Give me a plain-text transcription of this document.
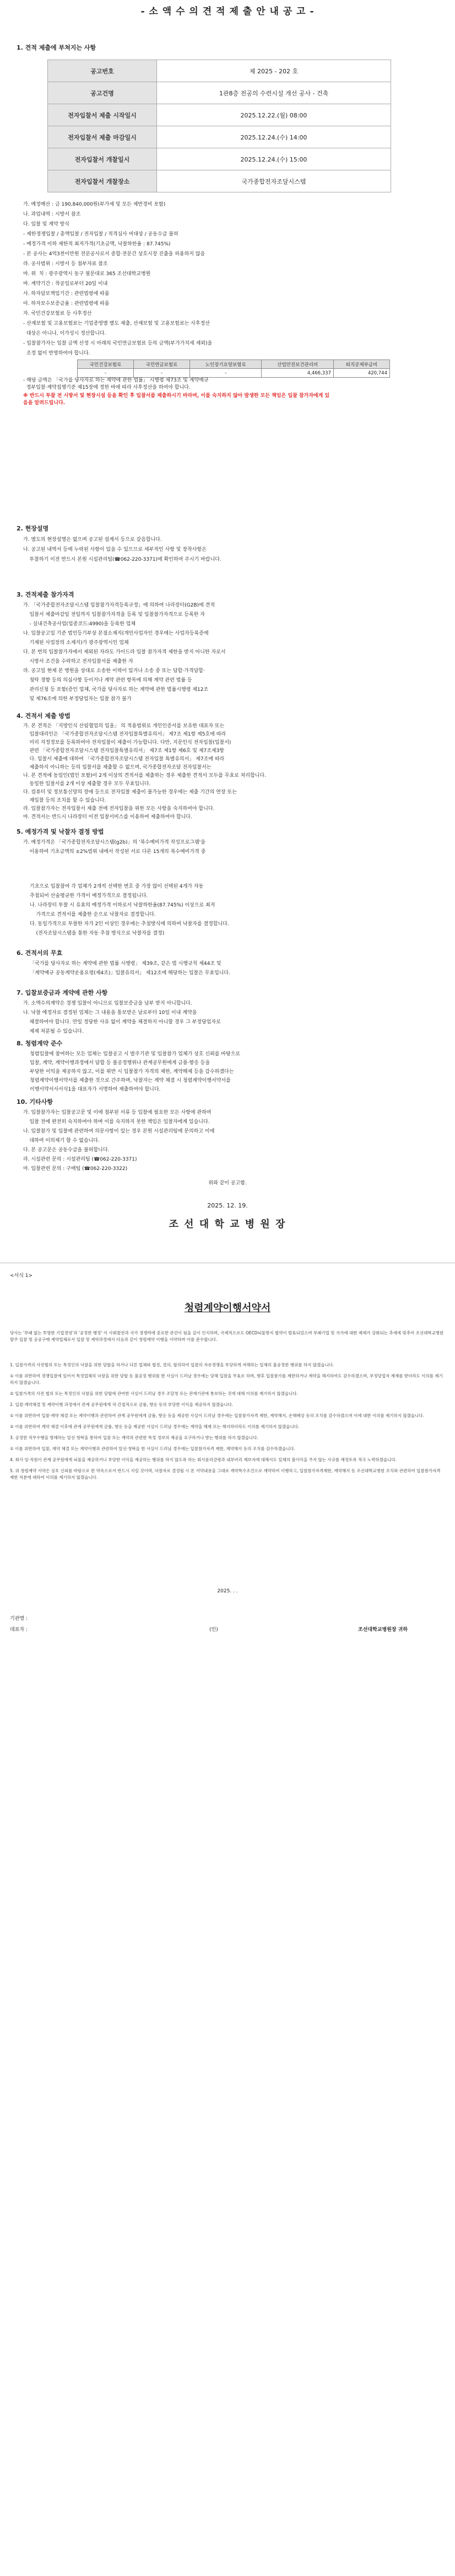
- 소 액 수 의 견 적 제 출 안 내 공 고 -
1. 견적 제출에 부쳐지는 사항
공고번호	제 2025 - 202 호
공고건명	1관8층 전공의 수련시설 개선 공사 - 건축
전자입찰서 제출 시작일시	2025.12.22.(월) 08:00
전자입찰서 제출 마감일시	2025.12.24.(수) 14:00
전자입찰서 개찰일시	2025.12.24.(수) 15:00
전자입찰서 개찰장소	국가종합전자조달시스템
가. 예정예산 : 금 190,840,000원(부가세 및 모든 제반경비 포함)
나. 과업내역 : 시방서 참조
다. 입찰 및 계약 방식
- 제한경쟁입찰 / 총액입찰 / 전자입찰 / 적격심사 비대상 / 공동수급 불허
- 예정가격 이하 제한적 최저가격(기초금액, 낙찰하한율 : 87.745%)
- 본 공사는 4억3천이만원 전문공사로서 종합·전문간 상호시장 진출을 허용하지 않음
라. 공사범위 : 시방서 등 첨부자료 참조
마. 위  치 : 광주광역시 동구 필문대로 365 조선대학교병원
바. 계약기간 : 착공일로부터 20일 이내
사. 하자담보책임기간 : 관련법령에 따름
아. 하자보수보증금율 : 관련법령에 따름
자. 국민건강보험료 등 사후정산
- 산재보험 및 고용보험료는 기업종영별 별도 제출, 산재보험 및 고용보험료는 사후정산
대상은 아니나, 이가성시 정산합니다.
- 입찰참가자는 입찰 금액 산정 시 아래의 국민연금보험료 등의 금액(부가가치세 제외)을
조정 없이 반영하여야 합니다.
국민건강보험료	국민연금보험료	노인장기요양보험료	산업안전보건관리비	퇴직공제부금비
-	-	-	4,466,337	420,744
- 해당 금액은 「국가를 당사자로 하는 계약에 관한 법률」 시행령 제73조 및 계약예규
정부입찰·계약집행기준 제15장에 정한 바에 따라 사후정산을 하여야 합니다.
※ 반드시 투찰 전 시방서 및 현장시설 등을 확인 후 입찰서를 제출하시기 바라며, 이를 숙지하지 않아 발생한 모든 책임은 입찰 참가자에게 있음을 알려드립니다.
2. 현장설명
가. 별도의 현장설명은 없으며 공고된 설계서 등으로 갈음합니다.
나. 공고된 내역서 등에 누락된 사항이 있을 수 있으므로 세부적인 사항 및 장착사항은
투찰하기 이전 반드시 본원 시설관리팀(☎062-220-3371)에 확인하여 주시기 바랍니다.
3. 견적제출 참가자격
가. 「국가종합전자조달시스템 입찰참가자격등록규정」에 의하여 나라장터(G2B)에 견적
입찰서 제출마감일 전일까지 입찰참가자격을 등록 및 입찰참가자격으로 등록한 자
- 실내건축공사업(업종코드:4990)을 등록한 업체
나. 입찰공고일 기준 법인등기부상 본점소재지(개인사업자인 경우에는 사업자등록증에
기재된 사업장의 소재지)가 광주광역시인 업체
다. 본 번의 입찰참가자에서 제외된 자라도 가이드라 입찰 참가자격 제한을 받지 아니한 자로서
시방서 조건을 수락하고 전자입찰서를 제출한 자
라. 공고일 현재 본 병원을 상대로 소송한 이력이 있거나 소송 중 또는 담합·가격담합·
청탁 경향 등의 의심사항 등이거나 계약 관련 항목에 의해 계약 관련 법률 등
관리신청 등 포함(증인 업체, 국가를 당사자로 하는 계약에 관한 법률시행령 제12조
및 제76조에 의한 부정당업자는 입찰 참가 불가
4. 견적서 제출 방법
가. 본 견적은 「지방인식 산림협업의 입을」 의 적용범위로 개인인증서를 보유한 대표자 또는
입찰대리인은 「국가종합전자조달시스템 전자입찰특별유의서」 제7조 제1항 제5호에 따라
미리 지정정보를 등록하여야 전자입찰이 제출이 가능합니다. 다만, 지문인식 전자입찰(입찰서)
관련 「국가종합전자조달시스템 전자입찰특별유의서」 제7조 제1항 제6호 및 제7조제3항
다. 입찰서 제출에 대하여 「국가종합전자조달시스템 전자입찰 특별유의서」 제7조에 따라
제출하지 아니하는 등의 입찰서를 제출할 수 없으며, 국가종합전자조달 전자입찰서는
나. 본 견적에 동일인(법인 포함)이 2개 이상의 견적서를 제출하는 경우 제출한 견적서 모두를 무효로 처리합니다.
동일한 입찰서를 2개 이상 제출할 경우 모두 무효입니다.
다. 컴퓨터 및 정보통신망의 장애 등으로 전자입찰 제출이 불가능한 경우에는 제출 기간의 연장 또는
재입찰 등의 조치를 할 수 있습니다.
라. 입찰참가자는 전자입찰서 제출 전에 전자입찰을 위한 모든 사항을 숙지하여야 합니다.
마. 견적서는 반드시 나라장터 이전 입찰서비스를 이용하여 제출하여야 합니다.
5. 예정가격 및 낙찰자 결정 방법
가. 예정가격은 「국가종합전자조달시스템(g2b)」의 '복수예비가격 작성프로그램'을
이용하여 기초금액의 ±2%범위 내에서 작성된 서로 다른 15개의 복수예비가격 중
기초으로 입찰참여 각 업체가 2개씩 선택한 번호 중 가장 많이 선택된 4개가 자동
추첨되어 산술평균한 가격이 예정가격으로 결정됩니다.
나. 나라장터 투찰 시 유효의 예정가격 이하로서 낙찰하한율(87.745%) 이상으로 최저
가격으로 견적서를 제출한 순으로 낙찰자로 결정합니다.
다. 동일가격으로 투찰한 자가 2인 이상인 경우에는 추첨방식에 의하여 낙찰자를 결정합니다.
(전자조달시스템을 통한 자동 추첨 방식으로 낙찰자를 결정)
6. 견적서의 무효
「국가를 당사자로 하는 계약에 관한 법률 시행령」 제39조, 같은 법 시행규칙 제44조 및
「계약예규 공동계약운용요령(제4조)」입찰유의서」 제12조에 해당하는 입찰은 무효입니다.
7. 입찰보증금과 계약에 관한 사항
가. 소액수의계약은 경쟁 입찰이 아니므로 입찰보증금을 납부 받지 아니합니다.
나. 낙찰 예정자로 결정된 업체는 그 내용을 통보받은 날로부터 10일 이내 계약을
체결하여야 합니다. 만일 정당한 사유 없이 계약을 체결하지 아니할 경우 그 부정당업자로
제재 처분될 수 있습니다.
8. 청렴계약 준수
청렴입찰에 참여하는 모든 업체는 입찰공고 시 발주기관 및 입찰참가 업체가 상호 신뢰를 바탕으로
입찰, 계약, 계약이행과정에서 담합 등 불공정행위나 관계공무원에게 금품·향응 등을
부당한 이익을 제공하지 않고, 이를 위반 시 입찰참가 자격의 제한, 계약해제 등을 감수하겠다는
청렴계약이행서약서를 제출한 것으로 간주하며, 낙찰자는 계약 체결 시 청렴계약이행서약서를
이행서약서사서식1을 대표자가 서명하여 제출하여야 합니다.
10. 기타사항
가. 입찰참가자는 입찰공고문 및 이에 첨부된 서류 등 입찰에 필요한 모든 사항에 관하여
입찰 전에 완전히 숙지하여야 하며 이를 숙지하지 못한 책임은 입찰자에게 있습니다.
나. 입찰참가 및 입찰에 관련하여 의문사항이 있는 경우 본원 시설관리팀에 문의하고 이에
대하여 이의제기 할 수 없습니다.
다. 본 공고문은 공동수급을 불허합니다.
라. 시설관련 문의 : 시설관리팀 (☎062-220-3371)
마. 입찰관련 문의 : 구매팀 (☎062-220-3322)
위와 같이 공고함.
2025. 12. 19.
조 선 대 학 교 병 원 장
<서식 1>
청렴계약이행서약서
당사는 '부패 없는 투명한 기업경영'과 '공정한 행정' 이 사회발전과 국가 경쟁력에 중요한 관건이 됨을 깊이 인식하며, 국제적으로도 OECD뇌물방지 협약이 발효되었으며 부패기업 및 국가에 대한 제재가 강화되는 추세에 맞추어 조선대학교병원 발주 입찰 및 공공구매 계약업체로서 입찰 및 계약과정에서 다음과 같이 청렴계약 이행을 서약하며 이를 준수합니다.
1. 입찰가격의 사전협의 또는 특정인의 낙찰을 위한 담합을 하거나 다른 업체와 협정, 결의, 합의하여 입찰의 자유경쟁을 부당하게 저해하는 일체의 불공정한 행위를 하지 않겠습니다.
① 이를 위반하여 경쟁입찰에 있어서 특정업체의 낙찰을 위한 담합 등 불공정 행위를 한 사실이 드러날 경우에는 당해 입찰을 무효로 하며, 향후 입찰참가를 제한하거나 계약을 해지하여도 감수하겠으며, 부정당업자 제재를 받더라도 이의를 제기하지 않겠습니다.
② 입찰가격의 사전 협의 또는 특정인의 낙찰을 위한 담합에 관여한 사실이 드러날 경우 조달청 또는 관계기관에 통보하는 것에 대해 이의를 제기하지 않겠습니다.
2. 입찰·계약체결 및 계약이행 과정에서 관계 공무원에게 직·간접적으로 금품, 향응 등의 부당한 이익을 제공하지 않겠습니다.
① 이를 위반하여 입찰·계약 체결 또는 계약이행과 관련하여 관계 공무원에게 금품, 향응 등을 제공한 사실이 드러날 경우에는 입찰참가자격 제한, 계약해지, 손해배상 등의 조치를 감수하겠으며 이에 대한 이의를 제기하지 않겠습니다.
② 이를 위반하여 계약 체결 이후에 관계 공무원에게 금품, 향응 등을 제공한 사실이 드러날 경우에는 계약을 해제 또는 해지하더라도 이의를 제기하지 않겠습니다.
3. 공정한 직무수행을 방해하는 알선·청탁을 통하여 입찰 또는 계약과 관련한 특정 정보의 제공을 요구하거나 받는 행위를 하지 않겠습니다.
① 이를 위반하여 입찰, 계약 체결 또는 계약이행과 관련하여 알선·청탁을 한 사실이 드러날 경우에는 입찰참가자격 제한, 계약해지 등의 조치를 감수하겠습니다.
4. 회사 임·직원이 관계 공무원에게 뇌물을 제공하거나 부당한 이익을 제공하는 행위를 하지 않도록 하는 회사윤리강령과 내부비리 제보자에 대해서도 일체의 불이익을 주지 않는 사규를 제정토록 적극 노력하겠습니다.
5. 위 청렴계약 서약은 상호 신뢰를 바탕으로 한 약속으로서 반드시 지킬 것이며, 낙찰자로 결정될 시 본 서약내용을 그대로 계약특수조건으로 계약하여 이행하고, 입찰참가자격제한, 계약해지 등 조선대학교병원 조치와 관련하여 입찰참가자격 제한 처분에 대하여 이의를 제기하지 않겠습니다.
2025. . .
기관명 :
대표자 :	(인)	조선대학교병원장 귀하
